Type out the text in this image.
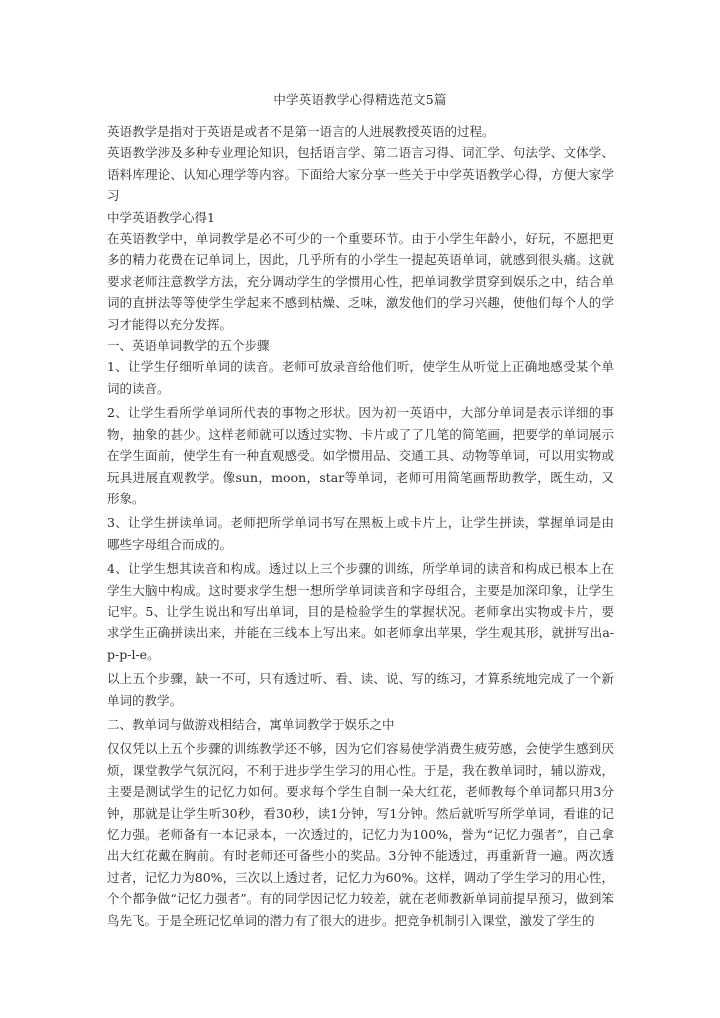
中学英语教学心得精选范文5篇

英语教学是指对于英语是或者不是第一语言的人进展教授英语的过程。

英语教学涉及多种专业理论知识，包括语言学、第二语言习得、词汇学、句法学、文体学、语料库理论、认知心理学等内容。下面给大家分享一些关于中学英语教学心得，方便大家学习

中学英语教学心得1

在英语教学中，单词教学是必不可少的一个重要环节。由于小学生年龄小，好玩，不愿把更多的精力花费在记单词上，因此，几乎所有的小学生一提起英语单词，就感到很头痛。这就要求老师注意教学方法，充分调动学生的学惯用心性，把单词教学贯穿到娱乐之中，结合单词的直拼法等等使学生学起来不感到枯燥、乏味，激发他们的学习兴趣，使他们每个人的学习才能得以充分发挥。

一、英语单词教学的五个步骤

1、让学生仔细听单词的读音。老师可放录音给他们听，使学生从听觉上正确地感受某个单词的读音。

2、让学生看所学单词所代表的事物之形状。因为初一英语中，大部分单词是表示详细的事物，抽象的甚少。这样老师就可以透过实物、卡片或了了几笔的简笔画，把要学的单词展示在学生面前，使学生有一种直观感受。如学惯用品、交通工具、动物等单词，可以用实物或玩具进展直观教学。像sun，moon，star等单词，老师可用简笔画帮助教学，既生动，又形象。

3、让学生拼读单词。老师把所学单词书写在黑板上或卡片上，让学生拼读，掌握单词是由哪些字母组合而成的。

4、让学生想其读音和构成。透过以上三个步骤的训练，所学单词的读音和构成已根本上在学生大脑中构成。这时要求学生想一想所学单词读音和字母组合，主要是加深印象，让学生记牢。5、让学生说出和写出单词，目的是检验学生的掌握状况。老师拿出实物或卡片，要求学生正确拼读出来，并能在三线本上写出来。如老师拿出苹果，学生观其形，就拼写出a-p-p-l-e。

以上五个步骤，缺一不可，只有透过听、看、读、说、写的练习，才算系统地完成了一个新单词的教学。

二、教单词与做游戏相结合，寓单词教学于娱乐之中

仅仅凭以上五个步骤的训练教学还不够，因为它们容易使学消费生疲劳感，会使学生感到厌烦，课堂教学气氛沉闷，不利于进步学生学习的用心性。于是，我在教单词时，辅以游戏，主要是测试学生的记忆力如何。要求每个学生自制一朵大红花，老师教每个单词都只用3分钟，那就是让学生听30秒，看30秒，读1分钟，写1分钟。然后就听写所学单词，看谁的记忆力强。老师备有一本记录本，一次透过的，记忆力为100%，誉为“记忆力强者”，自己拿出大红花戴在胸前。有时老师还可备些小的奖品。3分钟不能透过，再重新背一遍。两次透过者，记忆力为80%，三次以上透过者，记忆力为60%。这样，调动了学生学习的用心性，个个都争做“记忆力强者”。有的同学因记忆力较差，就在老师教新单词前提早预习，做到笨鸟先飞。于是全班记忆单词的潜力有了很大的进步。把竞争机制引入课堂，激发了学生的
